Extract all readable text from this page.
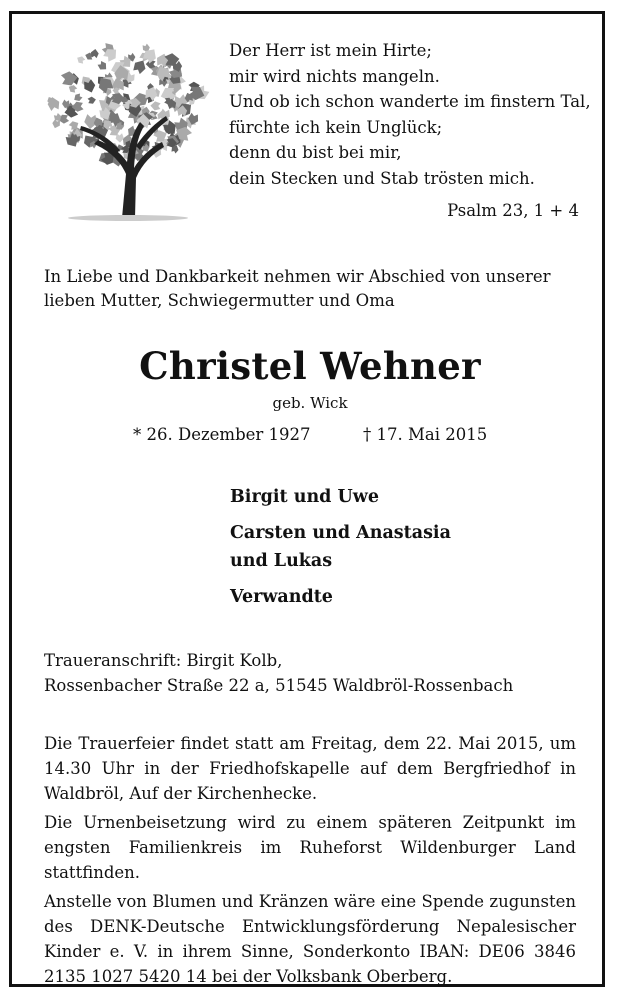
Der Herr ist mein Hirte;
mir wird nichts mangeln.
Und ob ich schon wanderte im finstern Tal,
fürchte ich kein Unglück;
denn du bist bei mir,
dein Stecken und Stab trösten mich.
Psalm 23, 1 + 4
In Liebe und Dankbarkeit nehmen wir Abschied von unserer lieben Mutter, Schwiegermutter und Oma
Christel Wehner
geb. Wick
* 26. Dezember 1927	† 17. Mai 2015
Birgit und Uwe
Carsten und Anastasia
und Lukas
Verwandte
Traueranschrift: Birgit Kolb,
Rossenbacher Straße 22 a, 51545 Waldbröl-Rossenbach

Die Trauerfeier findet statt am Freitag, dem 22. Mai 2015, um 14.30 Uhr in der Friedhofskapelle auf dem Bergfriedhof in Waldbröl, Auf der Kirchenhecke.

Die Urnenbeisetzung wird zu einem späteren Zeitpunkt im engsten Familienkreis im Ruheforst Wildenburger Land stattfinden.

Anstelle von Blumen und Kränzen wäre eine Spende zugunsten des DENK-Deutsche Entwicklungsförderung Nepalesischer Kinder e. V. in ihrem Sinne, Sonderkonto IBAN: DE06 3846 2135 1027 5420 14 bei der Volksbank Oberberg.
